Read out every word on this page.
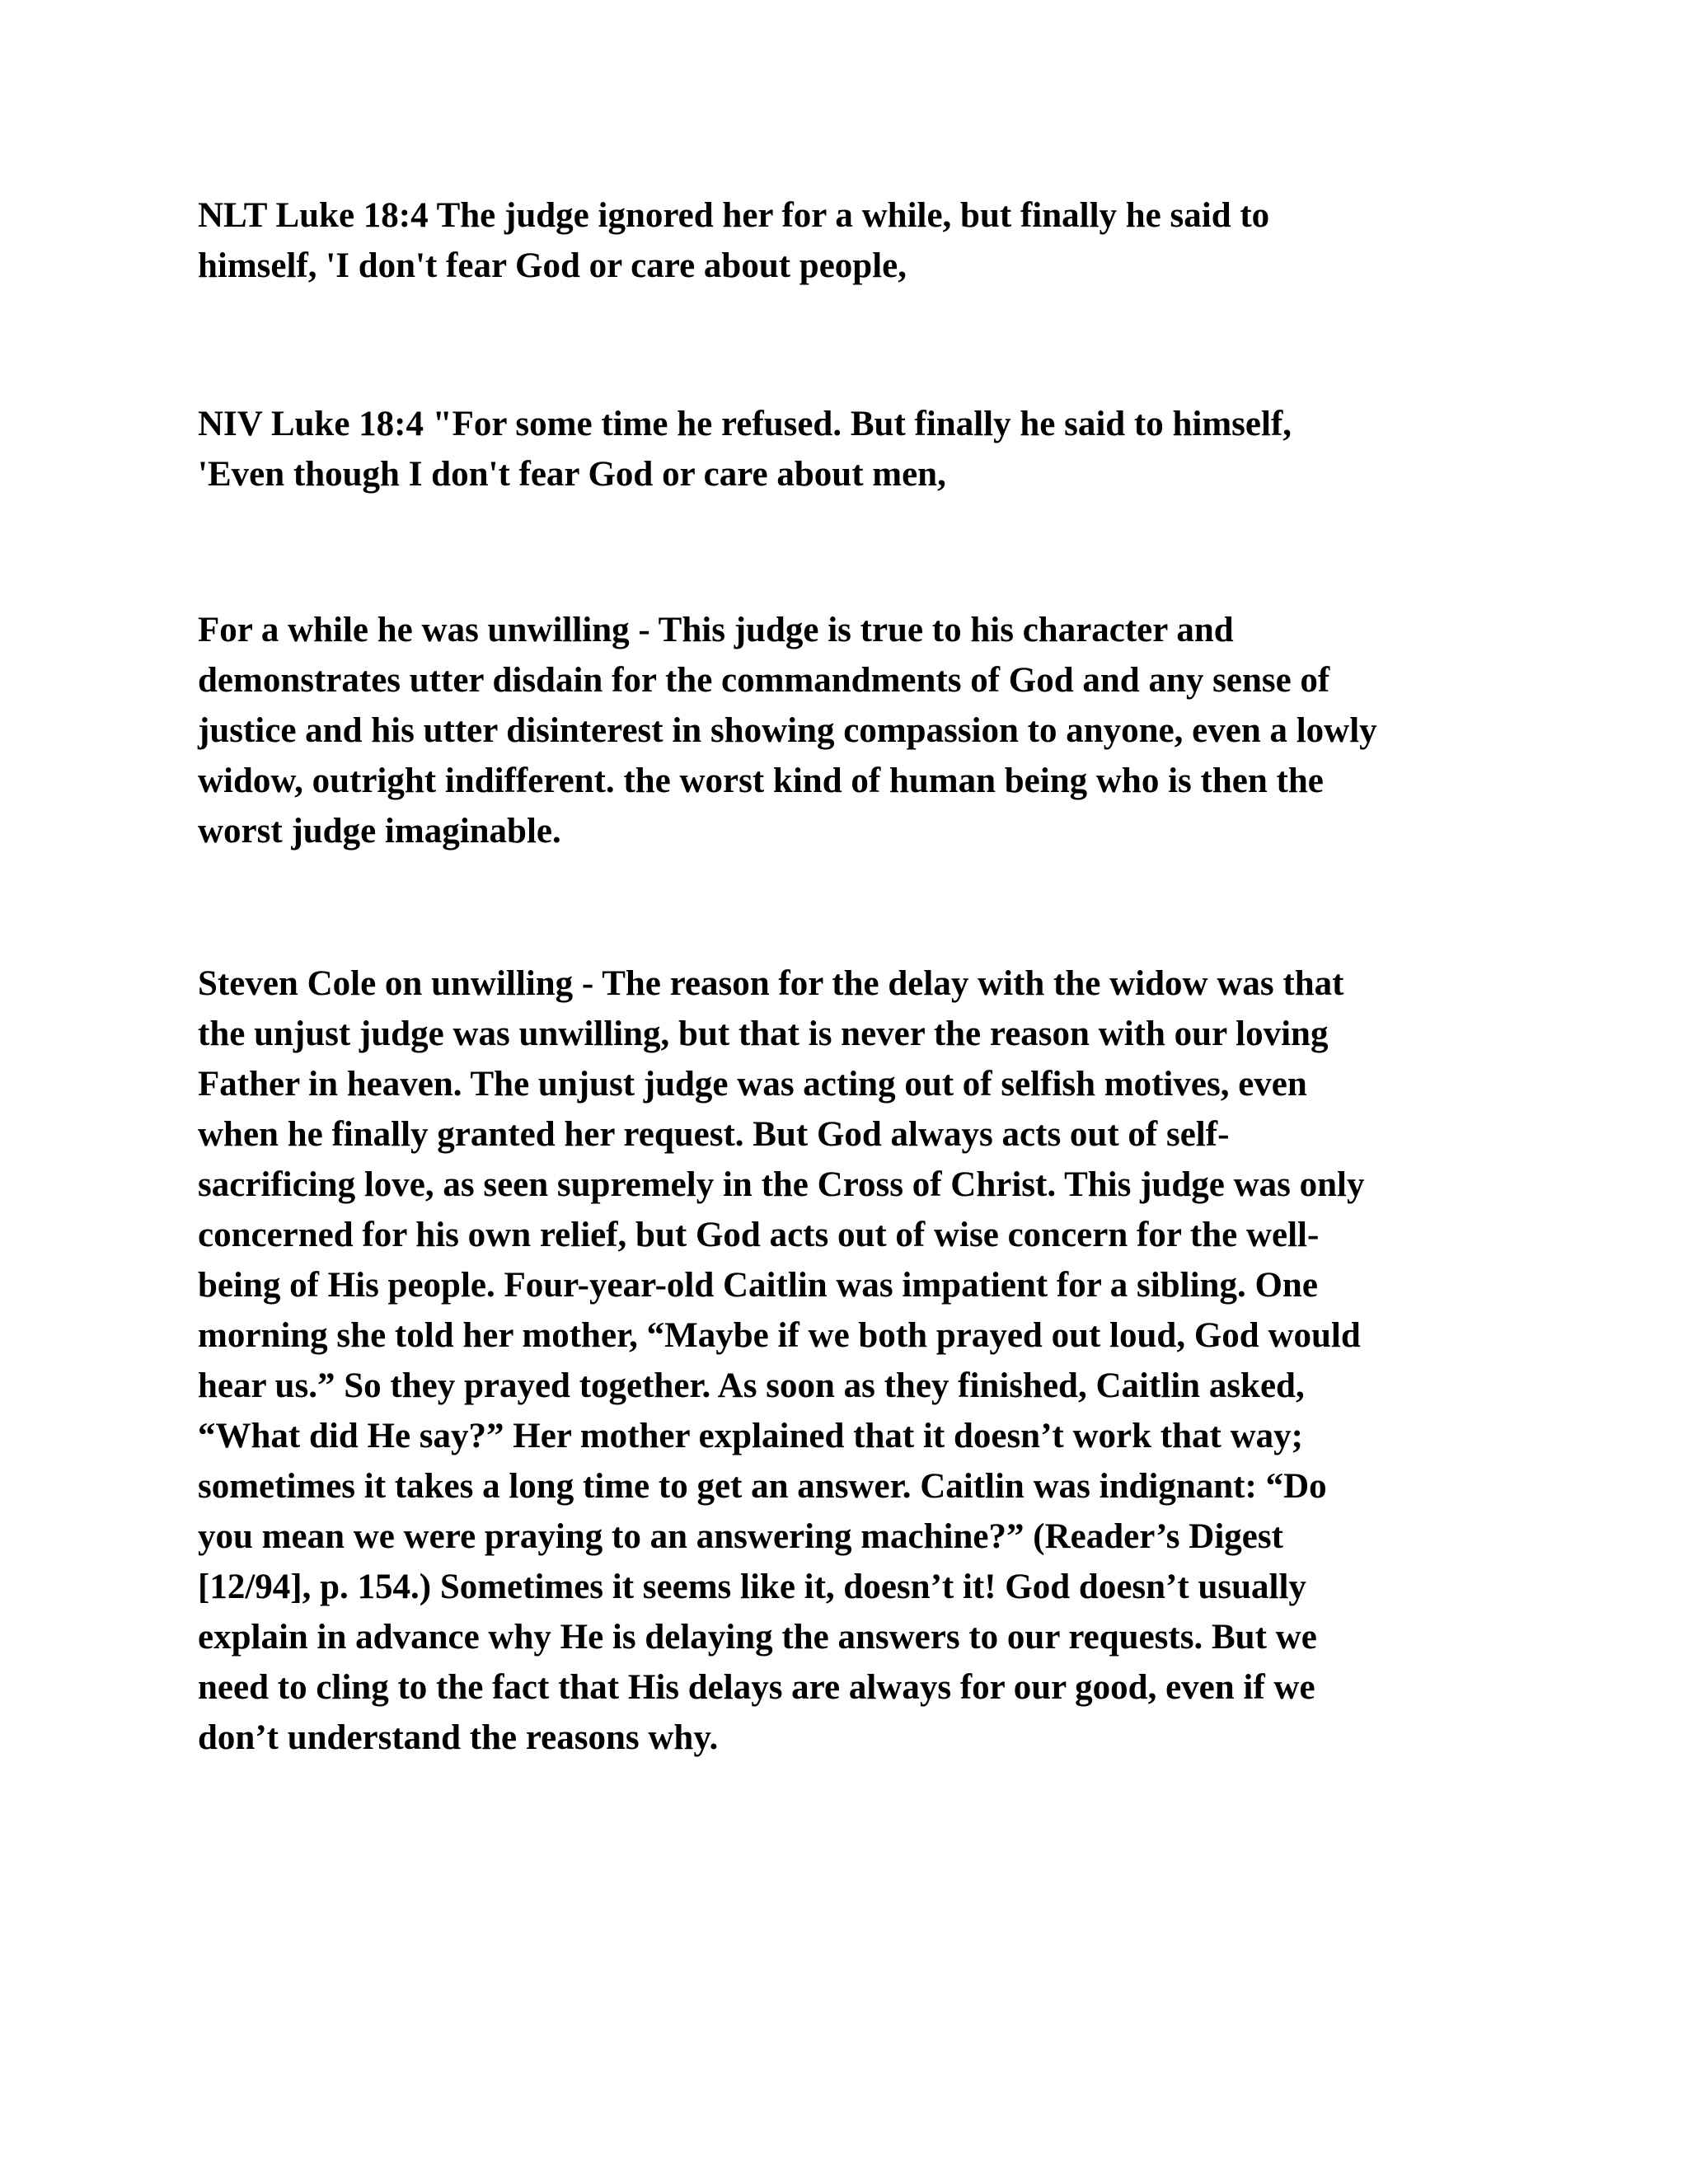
NLT Luke 18:4 The judge ignored her for a while, but finally he said to
himself, 'I don't fear God or care about people,

NIV Luke 18:4 "For some time he refused. But finally he said to himself,
'Even though I don't fear God or care about men,

For a while he was unwilling - This judge is true to his character and
demonstrates utter disdain for the commandments of God and any sense of
justice and his utter disinterest in showing compassion to anyone, even a lowly
widow, outright indifferent. the worst kind of human being who is then the
worst judge imaginable.

Steven Cole on unwilling - The reason for the delay with the widow was that
the unjust judge was unwilling, but that is never the reason with our loving
Father in heaven. The unjust judge was acting out of selfish motives, even
when he finally granted her request. But God always acts out of self-
sacrificing love, as seen supremely in the Cross of Christ. This judge was only
concerned for his own relief, but God acts out of wise concern for the well-
being of His people. Four-year-old Caitlin was impatient for a sibling. One
morning she told her mother, “Maybe if we both prayed out loud, God would
hear us.” So they prayed together. As soon as they finished, Caitlin asked,
“What did He say?” Her mother explained that it doesn’t work that way;
sometimes it takes a long time to get an answer. Caitlin was indignant: “Do
you mean we were praying to an answering machine?” (Reader’s Digest
[12/94], p. 154.) Sometimes it seems like it, doesn’t it! God doesn’t usually
explain in advance why He is delaying the answers to our requests. But we
need to cling to the fact that His delays are always for our good, even if we
don’t understand the reasons why.
